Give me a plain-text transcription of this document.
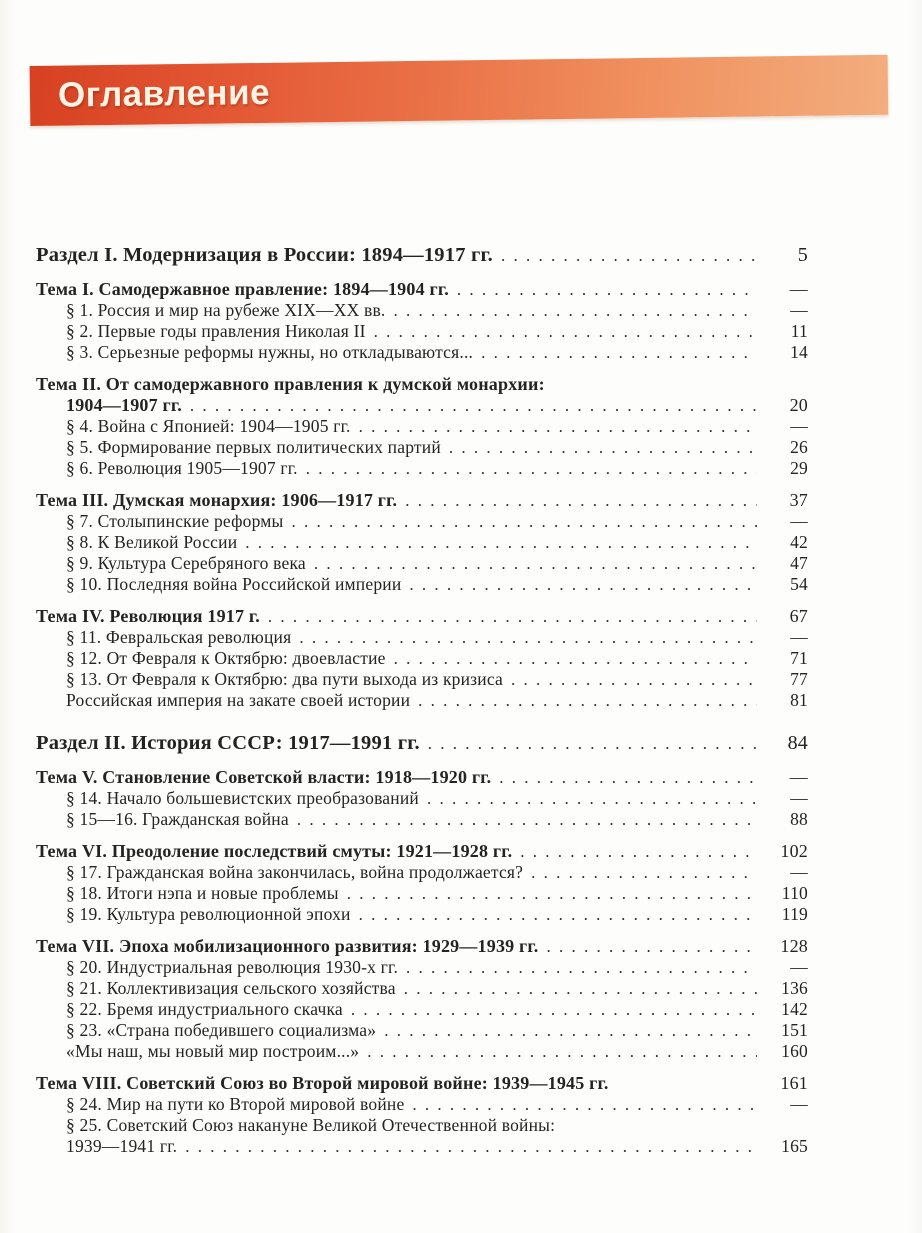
Оглавление
Раздел I. Модернизация в России: 1894—1917 гг. . . .	5
Тема I. Самодержавное правление: 1894—1904 гг. . . .	—
§ 1. Россия и мир на рубеже XIX—XX вв. . . .	—
§ 2. Первые годы правления Николая II . . .	11
§ 3. Серьезные реформы нужны, но откладываются... . . .	14
Тема II. От самодержавного правления к думской монархии:
1904—1907 гг. . . .	20
§ 4. Война с Японией: 1904—1905 гг. . . .	—
§ 5. Формирование первых политических партий . . .	26
§ 6. Революция 1905—1907 гг. . . .	29
Тема III. Думская монархия: 1906—1917 гг. . . .	37
§ 7. Столыпинские реформы . . .	—
§ 8. К Великой России . . .	42
§ 9. Культура Серебряного века . . .	47
§ 10. Последняя война Российской империи . . .	54
Тема IV. Революция 1917 г. . . .	67
§ 11. Февральская революция . . .	—
§ 12. От Февраля к Октябрю: двоевластие . . .	71
§ 13. От Февраля к Октябрю: два пути выхода из кризиса . . .	77
Российская империя на закате своей истории . . .	81
Раздел II. История СССР: 1917—1991 гг. . . .	84
Тема V. Становление Советской власти: 1918—1920 гг. . . .	—
§ 14. Начало большевистских преобразований . . .	—
§ 15—16. Гражданская война . . .	88
Тема VI. Преодоление последствий смуты: 1921—1928 гг. . . .	102
§ 17. Гражданская война закончилась, война продолжается? . . .	—
§ 18. Итоги нэпа и новые проблемы . . .	110
§ 19. Культура революционной эпохи . . .	119
Тема VII. Эпоха мобилизационного развития: 1929—1939 гг. . . .	128
§ 20. Индустриальная революция 1930-х гг. . . .	—
§ 21. Коллективизация сельского хозяйства . . .	136
§ 22. Бремя индустриального скачка . . .	142
§ 23. «Страна победившего социализма» . . .	151
«Мы наш, мы новый мир построим...» . . .	160
Тема VIII. Советский Союз во Второй мировой войне: 1939—1945 гг.	161
§ 24. Мир на пути ко Второй мировой войне . . .	—
§ 25. Советский Союз накануне Великой Отечественной войны:
1939—1941 гг. . . .	165
